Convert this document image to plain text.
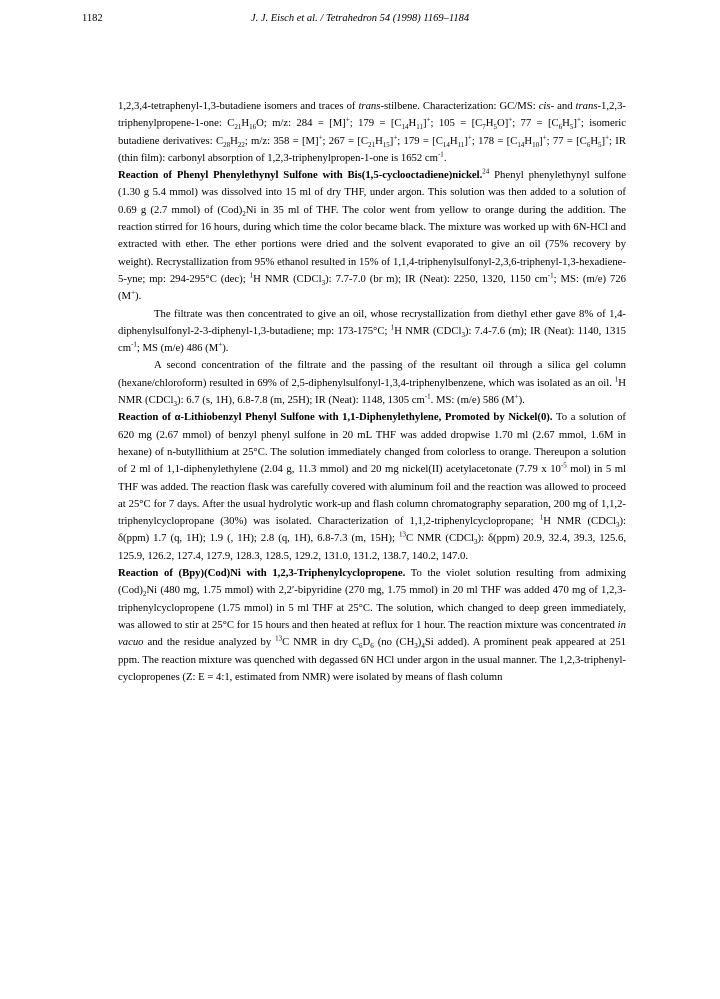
1182	J. J. Eisch et al. / Tetrahedron 54 (1998) 1169–1184

1,2,3,4-tetraphenyl-1,3-butadiene isomers and traces of trans-stilbene. Characterization: GC/MS: cis- and trans-1,2,3-triphenylpropene-1-one: $C_{21}H_{16}O$; m/z: 284 = [M]+; $179 = [C_{14}H_{11}]^+$; $105 = [C_7H_5O]^+$; $77 = [C_6H_5]^+$; isomeric butadiene derivatives: $C_{28}H_{22}$; m/z: 358 = [M]+; $267 = [C_{21}H_{15}]^+$; $179 = [C_{14}H_{11}]^+$; $178 = [C_{14}H_{10}]^+$; $77 = [C_6H_5]^+$; IR (thin film): carbonyl absorption of 1,2,3-triphenylpropen-1-one is 1652 $cm^{-1}$.

Reaction of Phenyl Phenylethynyl Sulfone with Bis(1,5-cyclooctadiene)nickel.$^{24}$ Phenyl phenylethynyl sulfone (1.30 g 5.4 mmol) was dissolved into 15 ml of dry THF, under argon. This solution was then added to a solution of 0.69 g (2.7 mmol) of $(Cod)_2Ni$ in 35 ml of THF. The color went from yellow to orange during the addition. The reaction stirred for 16 hours, during which time the color became black. The mixture was worked up with 6N-HCl and extracted with ether. The ether portions were dried and the solvent evaporated to give an oil (75% recovery by weight). Recrystallization from 95% ethanol resulted in 15% of 1,1,4-triphenylsulfonyl-2,3,6-triphenyl-1,3-hexadiene-5-yne; mp: 294-295°C (dec); $^1$H NMR (CDCl$_3$): 7.7-7.0 (br m); IR (Neat): 2250, 1320, 1150 $cm^{-1}$; MS: (m/e) 726 (M+).

The filtrate was then concentrated to give an oil, whose recrystallization from diethyl ether gave 8% of 1,4-diphenylsulfonyl-2-3-diphenyl-1,3-butadiene; mp: 173-175°C; $^1$H NMR (CDCl$_3$): 7.4-7.6 (m); IR (Neat): 1140, 1315 $cm^{-1}$; MS (m/e) 486 (M+).

A second concentration of the filtrate and the passing of the resultant oil through a silica gel column (hexane/chloroform) resulted in 69% of 2,5-diphenylsulfonyl-1,3,4-triphenylbenzene, which was isolated as an oil. $^1$H NMR (CDCl$_3$): 6.7 (s, 1H), 6.8-7.8 (m, 25H); IR (Neat): 1148, 1305 $cm^{-1}$. MS: (m/e) 586 (M+).

Reaction of α-Lithiobenzyl Phenyl Sulfone with 1,1-Diphenylethylene, Promoted by Nickel(0). To a solution of 620 mg (2.67 mmol) of benzyl phenyl sulfone in 20 mL THF was added dropwise 1.70 ml (2.67 mmol, 1.6M in hexane) of n-butyllithium at 25°C. The solution immediately changed from colorless to orange. Thereupon a solution of 2 ml of 1,1-diphenylethylene (2.04 g, 11.3 mmol) and 20 mg nickel(II) acetylacetonate (7.79 x $10^{-5}$ mol) in 5 ml THF was added. The reaction flask was carefully covered with aluminum foil and the reaction was allowed to proceed at 25°C for 7 days. After the usual hydrolytic work-up and flash column chromatography separation, 200 mg of 1,1,2-triphenylcyclopropane (30%) was isolated. Characterization of 1,1,2-triphenylcyclopropane; $^1$H NMR (CDCl$_3$): δ(ppm) 1.7 (q, 1H); 1.9 (, 1H); 2.8 (q, 1H), 6.8-7.3 (m, 15H); $^{13}$C NMR (CDCl$_3$): δ(ppm) 20.9, 32.4, 39.3, 125.6, 125.9, 126.2, 127.4, 127.9, 128.3, 128.5, 129.2, 131.0, 131.2, 138.7, 140.2, 147.0.

Reaction of (Bpy)(Cod)Ni with 1,2,3-Triphenylcyclopropene. To the violet solution resulting from admixing $(Cod)_2Ni$ (480 mg, 1.75 mmol) with 2,2′-bipyridine (270 mg, 1.75 mmol) in 20 ml THF was added 470 mg of 1,2,3-triphenylcyclopropene (1.75 mmol) in 5 ml THF at 25°C. The solution, which changed to deep green immediately, was allowed to stir at 25°C for 15 hours and then heated at reflux for 1 hour. The reaction mixture was concentrated in vacuo and the residue analyzed by $^{13}$C NMR in dry $C_6D_6$ (no $(CH_3)_4Si$ added). A prominent peak appeared at 251 ppm. The reaction mixture was quenched with degassed 6N HCl under argon in the usual manner. The 1,2,3-triphenyl-cyclopropenes (Z: E = 4:1, estimated from NMR) were isolated by means of flash column
